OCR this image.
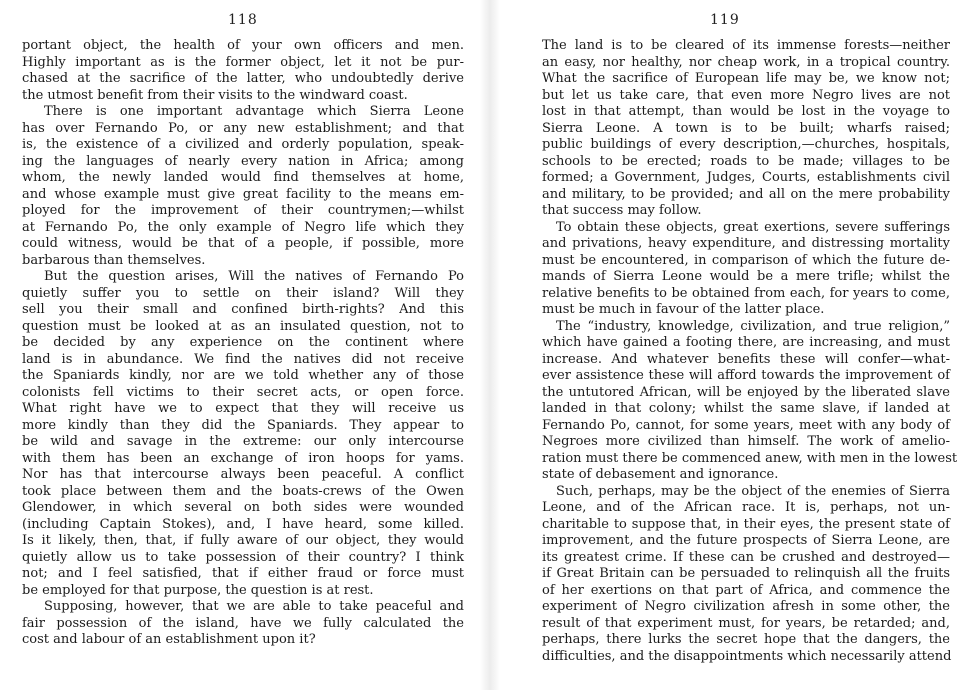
118
portant object, the health of your own officers and men.
Highly important as is the former object, let it not be pur-
chased at the sacrifice of the latter, who undoubtedly derive
the utmost benefit from their visits to the windward coast.
There is one important advantage which Sierra Leone
has over Fernando Po, or any new establishment; and that
is, the existence of a civilized and orderly population, speak-
ing the languages of nearly every nation in Africa; among
whom, the newly landed would find themselves at home,
and whose example must give great facility to the means em-
ployed for the improvement of their countrymen;—whilst
at Fernando Po, the only example of Negro life which they
could witness, would be that of a people, if possible, more
barbarous than themselves.
But the question arises, Will the natives of Fernando Po
quietly suffer you to settle on their island? Will they
sell you their small and confined birth-rights? And this
question must be looked at as an insulated question, not to
be decided by any experience on the continent where
land is in abundance. We find the natives did not receive
the Spaniards kindly, nor are we told whether any of those
colonists fell victims to their secret acts, or open force.
What right have we to expect that they will receive us
more kindly than they did the Spaniards. They appear to
be wild and savage in the extreme: our only intercourse
with them has been an exchange of iron hoops for yams.
Nor has that intercourse always been peaceful. A conflict
took place between them and the boats-crews of the Owen
Glendower, in which several on both sides were wounded
(including Captain Stokes), and, I have heard, some killed.
Is it likely, then, that, if fully aware of our object, they would
quietly allow us to take possession of their country? I think
not; and I feel satisfied, that if either fraud or force must
be employed for that purpose, the question is at rest.
Supposing, however, that we are able to take peaceful and
fair possession of the island, have we fully calculated the
cost and labour of an establishment upon it?
119
The land is to be cleared of its immense forests—neither
an easy, nor healthy, nor cheap work, in a tropical country.
What the sacrifice of European life may be, we know not;
but let us take care, that even more Negro lives are not
lost in that attempt, than would be lost in the voyage to
Sierra Leone. A town is to be built; wharfs raised;
public buildings of every description,—churches, hospitals,
schools to be erected; roads to be made; villages to be
formed; a Government, Judges, Courts, establishments civil
and military, to be provided; and all on the mere probability
that success may follow.
To obtain these objects, great exertions, severe sufferings
and privations, heavy expenditure, and distressing mortality
must be encountered, in comparison of which the future de-
mands of Sierra Leone would be a mere trifle; whilst the
relative benefits to be obtained from each, for years to come,
must be much in favour of the latter place.
The “industry, knowledge, civilization, and true religion,”
which have gained a footing there, are increasing, and must
increase. And whatever benefits these will confer—what-
ever assistence these will afford towards the improvement of
the untutored African, will be enjoyed by the liberated slave
landed in that colony; whilst the same slave, if landed at
Fernando Po, cannot, for some years, meet with any body of
Negroes more civilized than himself. The work of amelio-
ration must there be commenced anew, with men in the lowest
state of debasement and ignorance.
Such, perhaps, may be the object of the enemies of Sierra
Leone, and of the African race. It is, perhaps, not un-
charitable to suppose that, in their eyes, the present state of
improvement, and the future prospects of Sierra Leone, are
its greatest crime. If these can be crushed and destroyed—
if Great Britain can be persuaded to relinquish all the fruits
of her exertions on that part of Africa, and commence the
experiment of Negro civilization afresh in some other, the
result of that experiment must, for years, be retarded; and,
perhaps, there lurks the secret hope that the dangers, the
difficulties, and the disappointments which necessarily attend
